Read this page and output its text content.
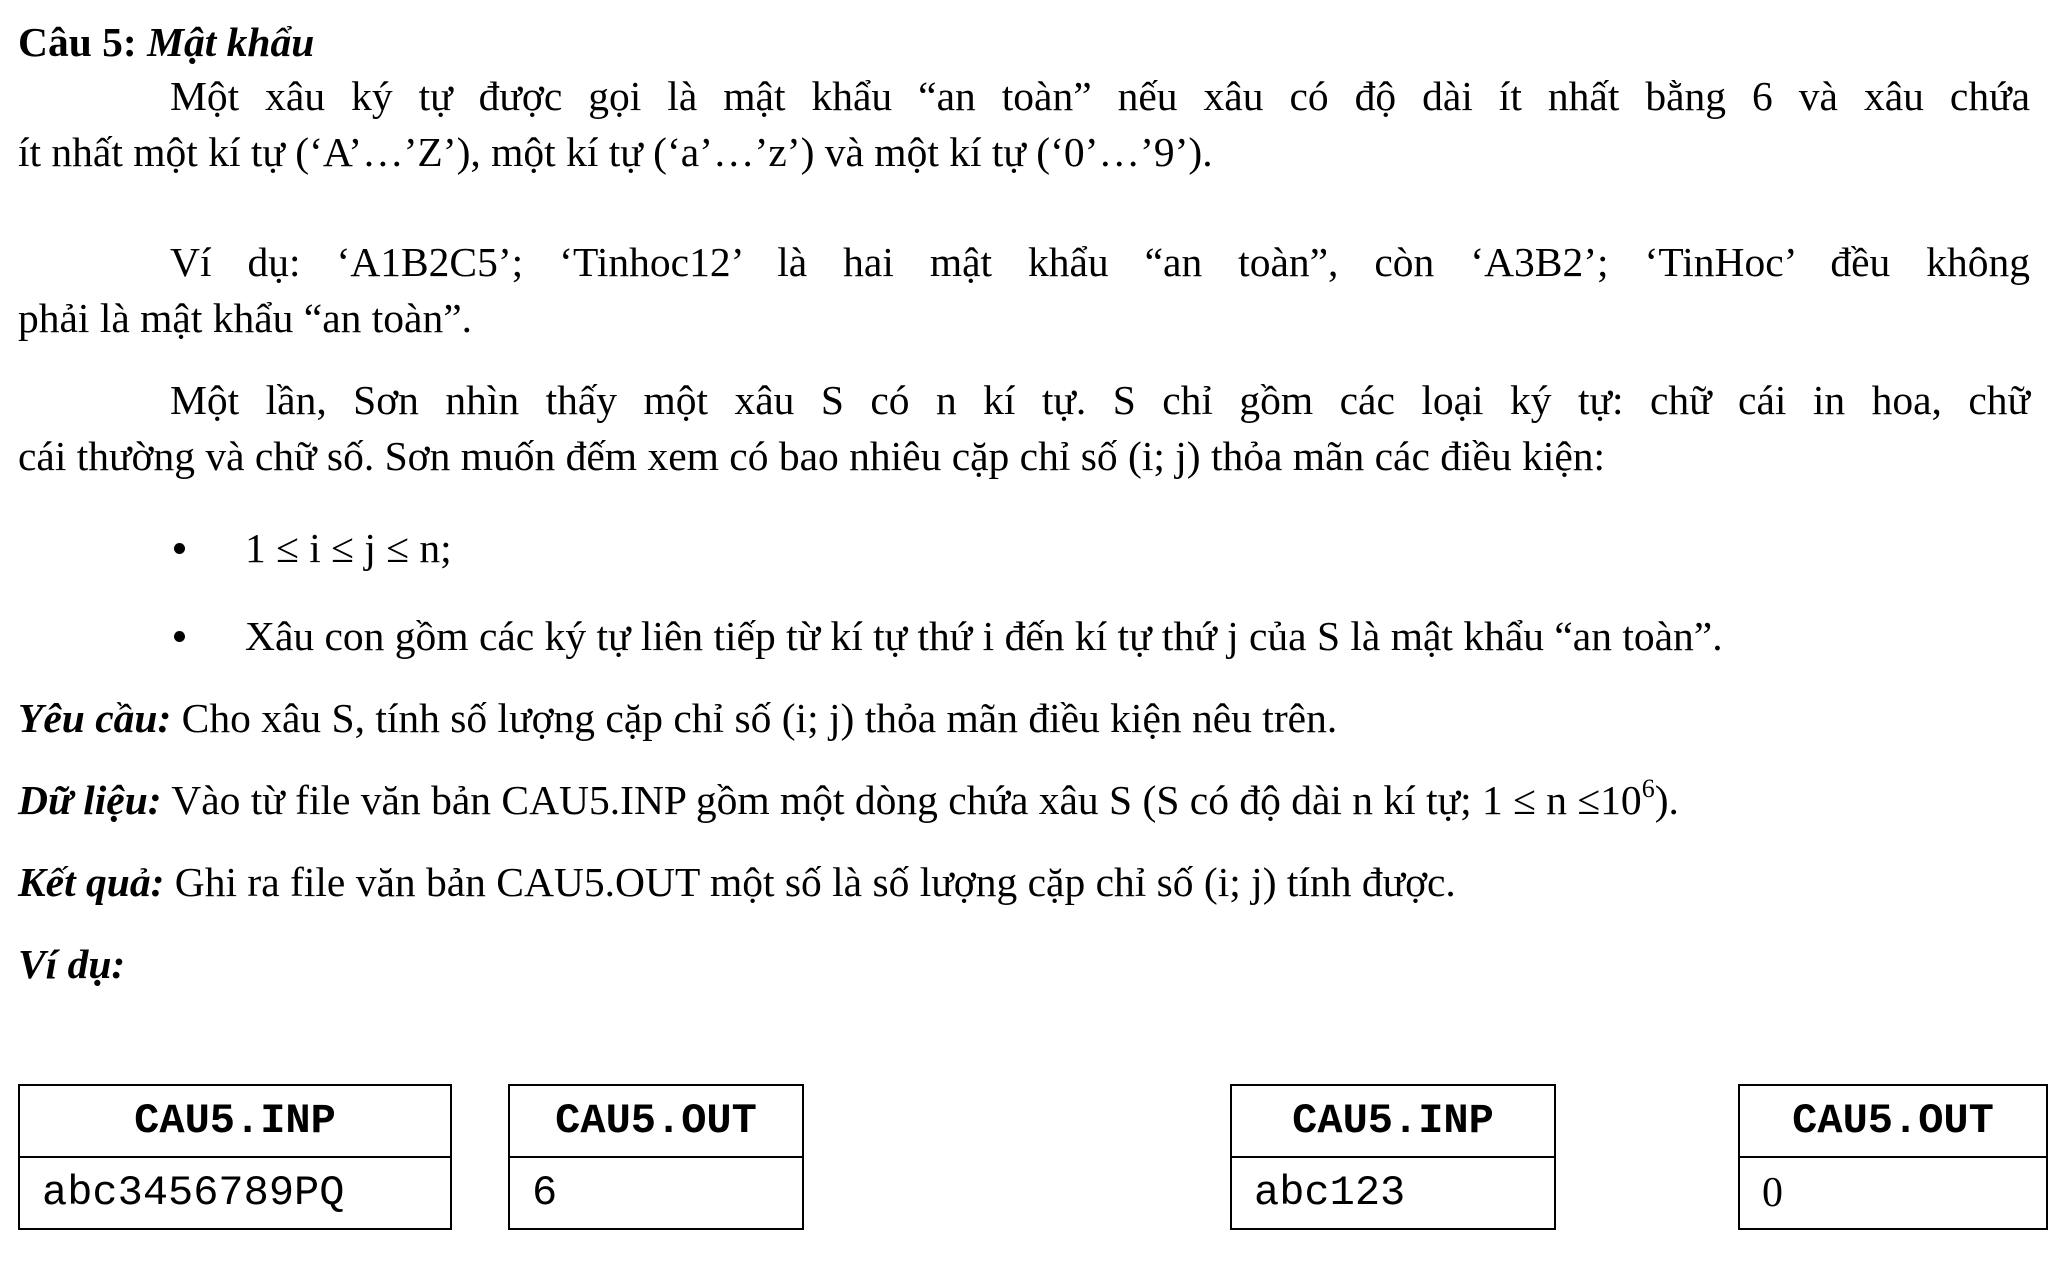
Câu 5: Mật khẩu
Một xâu ký tự được gọi là mật khẩu “an toàn” nếu xâu có độ dài ít nhất bằng 6 và xâu chứa
ít nhất một kí tự (‘A’…’Z’), một kí tự (‘a’…’z’) và một kí tự (‘0’…’9’).
Ví dụ: ‘A1B2C5’; ‘Tinhoc12’ là hai mật khẩu “an toàn”, còn ‘A3B2’; ‘TinHoc’ đều không
phải là mật khẩu “an toàn”.
Một lần, Sơn nhìn thấy một xâu S có n kí tự. S chỉ gồm các loại ký tự: chữ cái in hoa, chữ
cái thường và chữ số. Sơn muốn đếm xem có bao nhiêu cặp chỉ số (i; j) thỏa mãn các điều kiện:
1 ≤ i ≤ j ≤ n;
Xâu con gồm các ký tự liên tiếp từ kí tự thứ i đến kí tự thứ j của S là mật khẩu “an toàn”.
Yêu cầu: Cho xâu S, tính số lượng cặp chỉ số (i; j) thỏa mãn điều kiện nêu trên.
Dữ liệu: Vào từ file văn bản CAU5.INP gồm một dòng chứa xâu S (S có độ dài n kí tự; $1 \le n \le 10^6$).
Kết quả: Ghi ra file văn bản CAU5.OUT một số là số lượng cặp chỉ số (i; j) tính được.
Ví dụ:
CAU5.INP
abc3456789PQ
CAU5.OUT
6
CAU5.INP
abc123
CAU5.OUT
0
